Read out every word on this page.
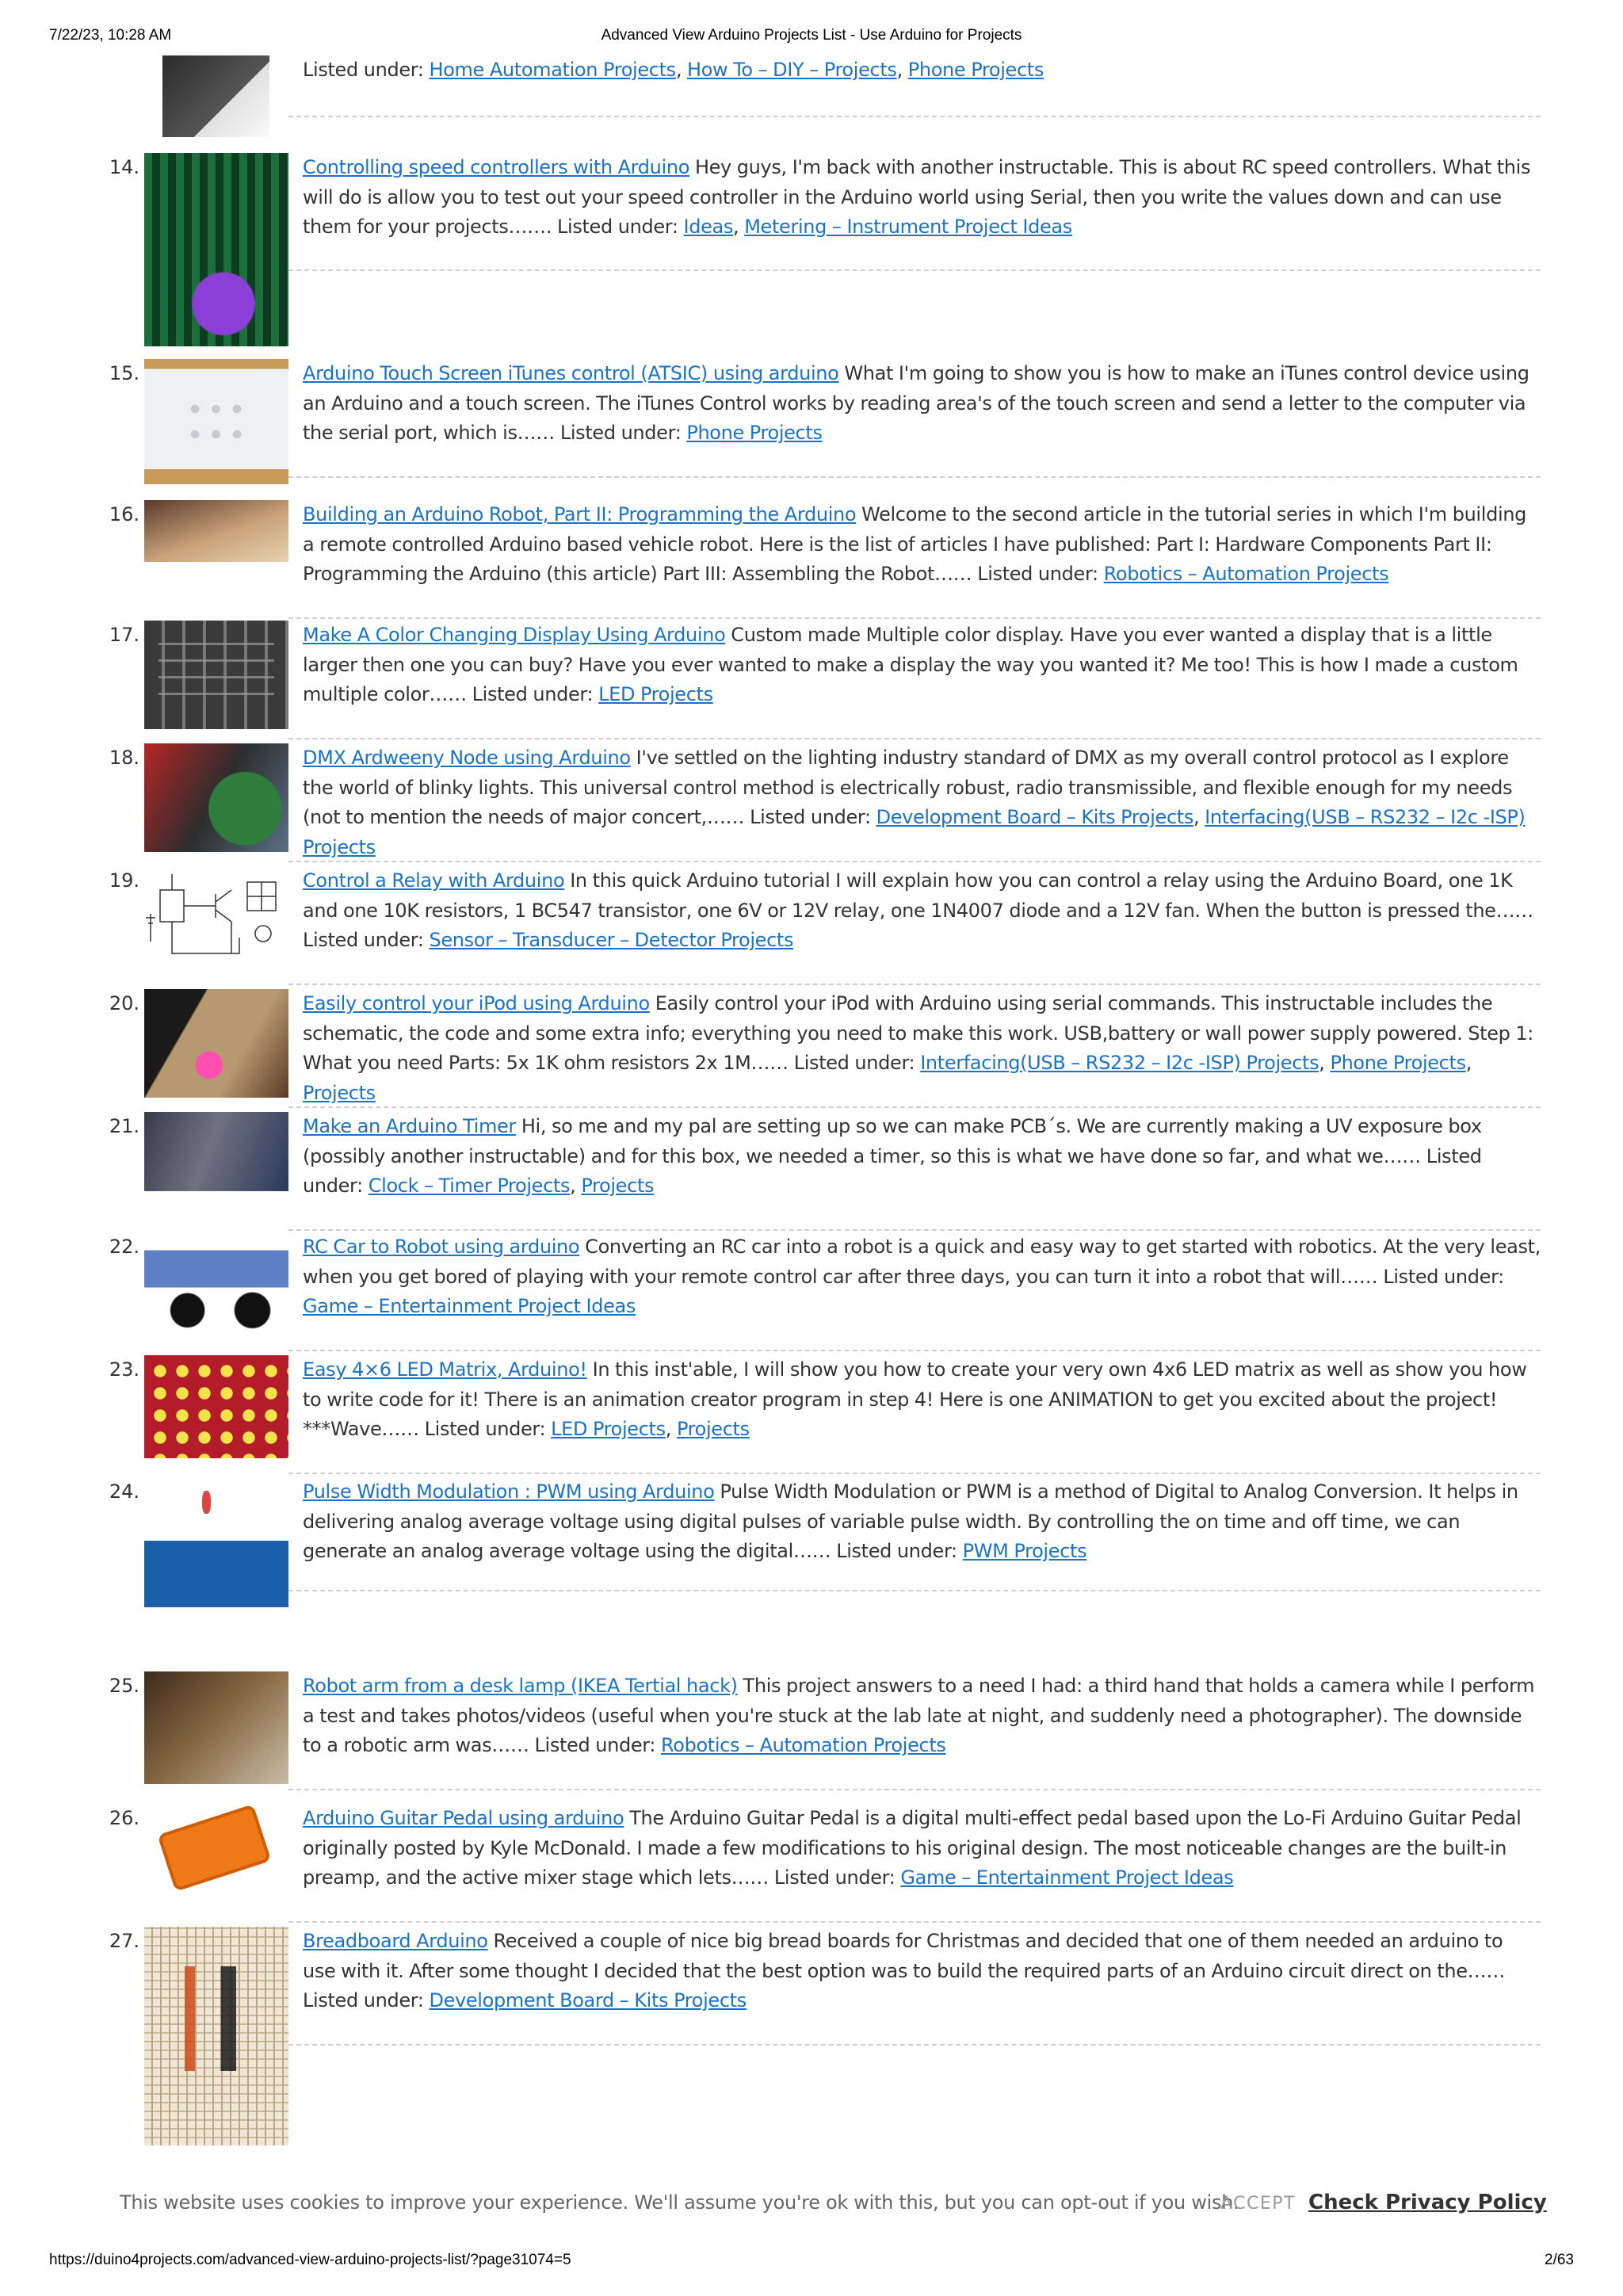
7/22/23, 10:28 AM	Advanced View Arduino Projects List - Use Arduino for Projects
Listed under: Home Automation Projects, How To – DIY – Projects, Phone Projects
14.	Controlling speed controllers with Arduino Hey guys, I'm back with another instructable. This is about RC speed controllers. What this will do is allow you to test out your speed controller in the Arduino world using Serial, then you write the values down and can use them for your projects……. Listed under: Ideas, Metering – Instrument Project Ideas
15.	Arduino Touch Screen iTunes control (ATSIC) using arduino What I'm going to show you is how to make an iTunes control device using an Arduino and a touch screen. The iTunes Control works by reading area's of the touch screen and send a letter to the computer via the serial port, which is…… Listed under: Phone Projects
16.	Building an Arduino Robot, Part II: Programming the Arduino Welcome to the second article in the tutorial series in which I'm building a remote controlled Arduino based vehicle robot. Here is the list of articles I have published: Part I: Hardware Components Part II: Programming the Arduino (this article) Part III: Assembling the Robot…… Listed under: Robotics – Automation Projects
17.	Make A Color Changing Display Using Arduino Custom made Multiple color display. Have you ever wanted a display that is a little larger then one you can buy? Have you ever wanted to make a display the way you wanted it? Me too! This is how I made a custom multiple color…… Listed under: LED Projects
18.	DMX Ardweeny Node using Arduino I've settled on the lighting industry standard of DMX as my overall control protocol as I explore the world of blinky lights. This universal control method is electrically robust, radio transmissible, and flexible enough for my needs (not to mention the needs of major concert,…… Listed under: Development Board – Kits Projects, Interfacing(USB – RS232 – I2c -ISP) Projects
19.	Control a Relay with Arduino In this quick Arduino tutorial I will explain how you can control a relay using the Arduino Board, one 1K and one 10K resistors, 1 BC547 transistor, one 6V or 12V relay, one 1N4007 diode and a 12V fan. When the button is pressed the…… Listed under: Sensor – Transducer – Detector Projects
20.	Easily control your iPod using Arduino Easily control your iPod with Arduino using serial commands. This instructable includes the schematic, the code and some extra info; everything you need to make this work. USB,battery or wall power supply powered. Step 1: What you need Parts: 5x 1K ohm resistors 2x 1M…… Listed under: Interfacing(USB – RS232 – I2c -ISP) Projects, Phone Projects, Projects
21.	Make an Arduino Timer Hi, so me and my pal are setting up so we can make PCB´s. We are currently making a UV exposure box (possibly another instructable) and for this box, we needed a timer, so this is what we have done so far, and what we…… Listed under: Clock – Timer Projects, Projects
22.	RC Car to Robot using arduino Converting an RC car into a robot is a quick and easy way to get started with robotics. At the very least, when you get bored of playing with your remote control car after three days, you can turn it into a robot that will…… Listed under: Game – Entertainment Project Ideas
23.	Easy 4×6 LED Matrix, Arduino! In this inst'able, I will show you how to create your very own 4x6 LED matrix as well as show you how to write code for it! There is an animation creator program in step 4! Here is one ANIMATION to get you excited about the project! ***Wave…… Listed under: LED Projects, Projects
24.	Pulse Width Modulation : PWM using Arduino Pulse Width Modulation or PWM is a method of Digital to Analog Conversion. It helps in delivering analog average voltage using digital pulses of variable pulse width. By controlling the on time and off time, we can generate an analog average voltage using the digital…… Listed under: PWM Projects
25.	Robot arm from a desk lamp (IKEA Tertial hack) This project answers to a need I had: a third hand that holds a camera while I perform a test and takes photos/videos (useful when you're stuck at the lab late at night, and suddenly need a photographer). The downside to a robotic arm was…… Listed under: Robotics – Automation Projects
26.	Arduino Guitar Pedal using arduino The Arduino Guitar Pedal is a digital multi-effect pedal based upon the Lo-Fi Arduino Guitar Pedal originally posted by Kyle McDonald. I made a few modifications to his original design. The most noticeable changes are the built-in preamp, and the active mixer stage which lets…… Listed under: Game – Entertainment Project Ideas
27.	Breadboard Arduino Received a couple of nice big bread boards for Christmas and decided that one of them needed an arduino to use with it. After some thought I decided that the best option was to build the required parts of an Arduino circuit direct on the…… Listed under: Development Board – Kits Projects
This website uses cookies to improve your experience. We'll assume you're ok with this, but you can opt-out if you wish.
ACCEPT Check Privacy Policy
https://duino4projects.com/advanced-view-arduino-projects-list/?page31074=5	2/63
